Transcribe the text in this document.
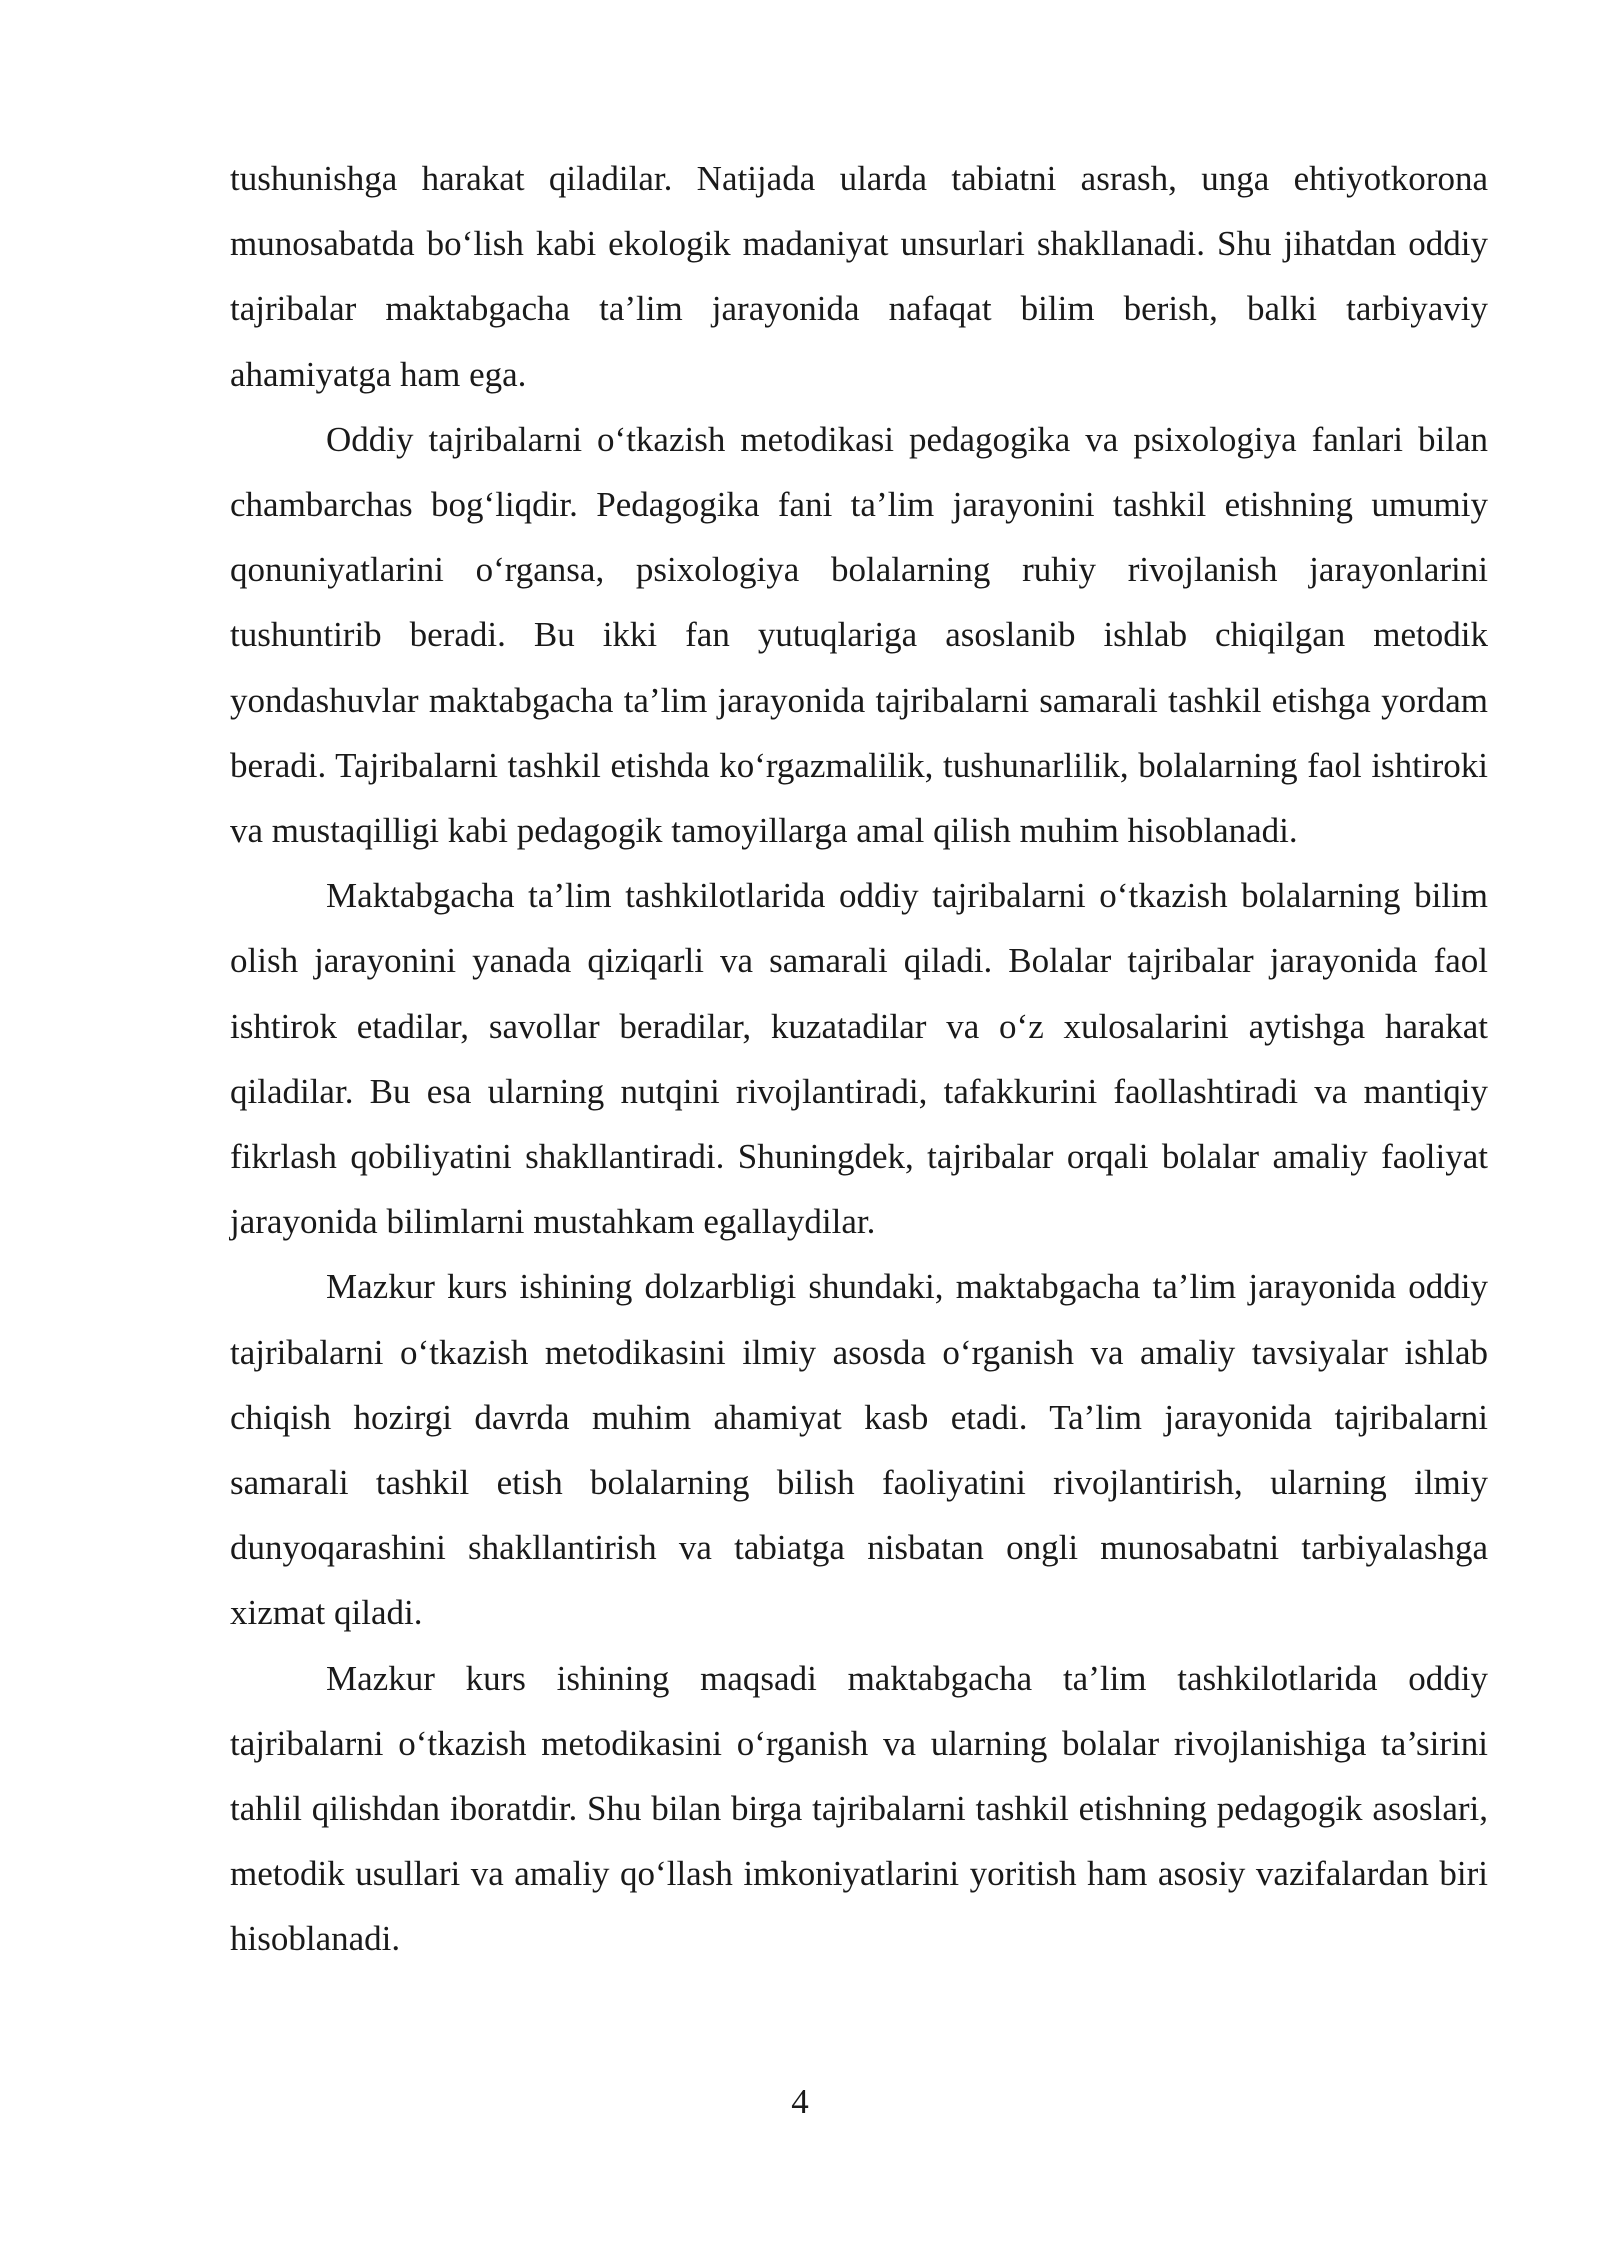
tushunishga harakat qiladilar. Natijada ularda tabiatni asrash, unga ehtiyotkorona munosabatda bo‘lish kabi ekologik madaniyat unsurlari shakllanadi. Shu jihatdan oddiy tajribalar maktabgacha ta’lim jarayonida nafaqat bilim berish, balki tarbiyaviy ahamiyatga ham ega.

Oddiy tajribalarni o‘tkazish metodikasi pedagogika va psixologiya fanlari bilan chambarchas bog‘liqdir. Pedagogika fani ta’lim jarayonini tashkil etishning umumiy qonuniyatlarini o‘rgansa, psixologiya bolalarning ruhiy rivojlanish jarayonlarini tushuntirib beradi. Bu ikki fan yutuqlariga asoslanib ishlab chiqilgan metodik yondashuvlar maktabgacha ta’lim jarayonida tajribalarni samarali tashkil etishga yordam beradi. Tajribalarni tashkil etishda ko‘rgazmalilik, tushunarlilik, bolalarning faol ishtiroki va mustaqilligi kabi pedagogik tamoyillarga amal qilish muhim hisoblanadi.

Maktabgacha ta’lim tashkilotlarida oddiy tajribalarni o‘tkazish bolalarning bilim olish jarayonini yanada qiziqarli va samarali qiladi. Bolalar tajribalar jarayonida faol ishtirok etadilar, savollar beradilar, kuzatadilar va o‘z xulosalarini aytishga harakat qiladilar. Bu esa ularning nutqini rivojlantiradi, tafakkurini faollashtiradi va mantiqiy fikrlash qobiliyatini shakllantiradi. Shuningdek, tajribalar orqali bolalar amaliy faoliyat jarayonida bilimlarni mustahkam egallaydilar.

Mazkur kurs ishining dolzarbligi shundaki, maktabgacha ta’lim jarayonida oddiy tajribalarni o‘tkazish metodikasini ilmiy asosda o‘rganish va amaliy tavsiyalar ishlab chiqish hozirgi davrda muhim ahamiyat kasb etadi. Ta’lim jarayonida tajribalarni samarali tashkil etish bolalarning bilish faoliyatini rivojlantirish, ularning ilmiy dunyoqarashini shakllantirish va tabiatga nisbatan ongli munosabatni tarbiyalashga xizmat qiladi.

Mazkur kurs ishining maqsadi maktabgacha ta’lim tashkilotlarida oddiy tajribalarni o‘tkazish metodikasini o‘rganish va ularning bolalar rivojlanishiga ta’sirini tahlil qilishdan iboratdir. Shu bilan birga tajribalarni tashkil etishning pedagogik asoslari, metodik usullari va amaliy qo‘llash imkoniyatlarini yoritish ham asosiy vazifalardan biri hisoblanadi.

4
